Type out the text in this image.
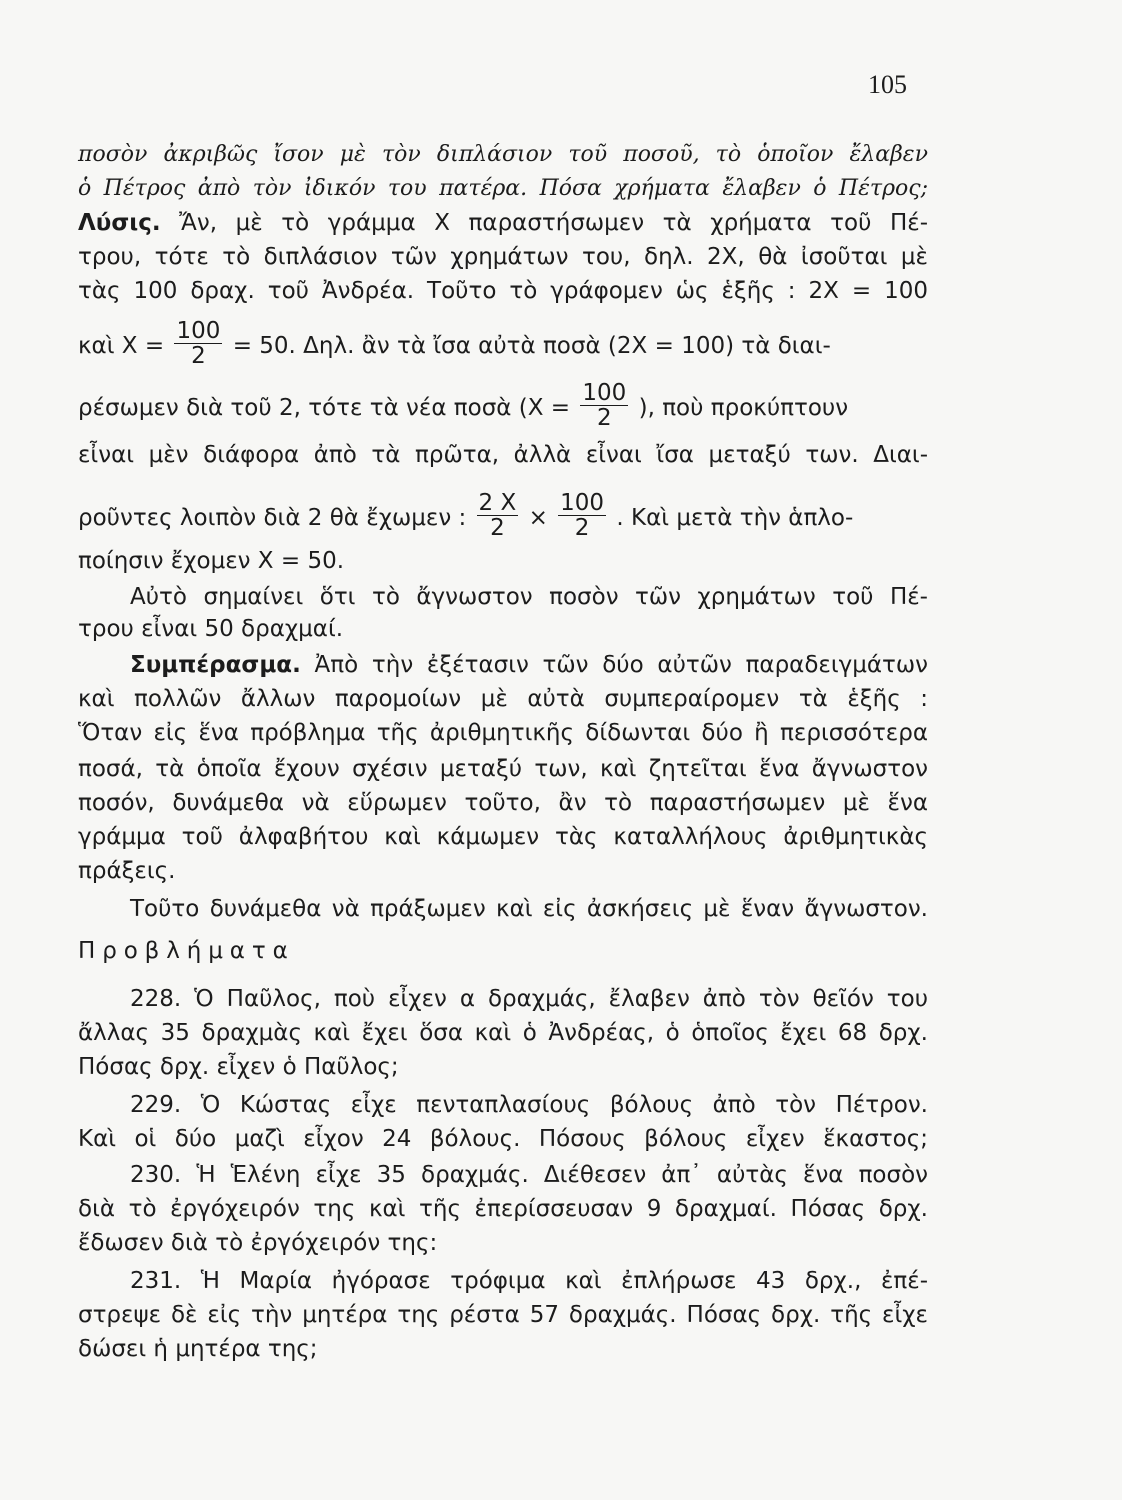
105
ποσὸν ἀκριβῶς ἴσον μὲ τὸν διπλάσιον τοῦ ποσοῦ, τὸ ὁποῖον ἔλαβεν
ὁ Πέτρος ἀπὸ τὸν ἰδικόν του πατέρα. Πόσα χρήματα ἔλαβεν ὁ Πέτρος;
Λύσις. Ἄν, μὲ τὸ γράμμα Χ παραστήσωμεν τὰ χρήματα τοῦ Πέ-
τρου, τότε τὸ διπλάσιον τῶν χρημάτων του, δηλ. 2Χ, θὰ ἰσοῦται μὲ
τὰς 100 δραχ. τοῦ Ἀνδρέα. Τοῦτο τὸ γράφομεν ὡς ἑξῆς : 2Χ = 100
καὶ $X = \frac{100}{2} = 50$. Δηλ. ἂν τὰ ἴσα αὐτὰ ποσὰ (2Χ = 100) τὰ διαι-
ρέσωμεν διὰ τοῦ 2, τότε τὰ νέα ποσὰ ($X = \frac{100}{2}$ ), ποὺ προκύπτουν
εἶναι μὲν διάφορα ἀπὸ τὰ πρῶτα, ἀλλὰ εἶναι ἴσα μεταξύ των. Διαι-
ροῦντες λοιπὸν διὰ 2 θὰ ἔχωμεν : $\frac{2 X}{2} \times \frac{100}{2}$ . Καὶ μετὰ τὴν ἁπλο-
ποίησιν ἔχομεν Χ = 50.
Αὐτὸ σημαίνει ὅτι τὸ ἄγνωστον ποσὸν τῶν χρημάτων τοῦ Πέ-
τρου εἶναι 50 δραχμαί.
Συμπέρασμα. Ἀπὸ τὴν ἐξέτασιν τῶν δύο αὐτῶν παραδειγμάτων
καὶ πολλῶν ἄλλων παρομοίων μὲ αὐτὰ συμπεραίρομεν τὰ ἑξῆς :
Ὅταν εἰς ἕνα πρόβλημα τῆς ἀριθμητικῆς δίδωνται δύο ἢ περισσότερα
ποσά, τὰ ὁποῖα ἔχουν σχέσιν μεταξύ των, καὶ ζητεῖται ἕνα ἄγνωστον
ποσόν, δυνάμεθα νὰ εὕρωμεν τοῦτο, ἂν τὸ παραστήσωμεν μὲ ἕνα
γράμμα τοῦ ἀλφαβήτου καὶ κάμωμεν τὰς καταλλήλους ἀριθμητικὰς
πράξεις.
Τοῦτο δυνάμεθα νὰ πράξωμεν καὶ εἰς ἀσκήσεις μὲ ἕναν ἄγνωστον.
Προβλήματα
228. Ὁ Παῦλος, ποὺ εἶχεν α δραχμάς, ἔλαβεν ἀπὸ τὸν θεῖόν του
ἄλλας 35 δραχμὰς καὶ ἔχει ὅσα καὶ ὁ Ἀνδρέας, ὁ ὁποῖος ἔχει 68 δρχ.
Πόσας δρχ. εἶχεν ὁ Παῦλος;
229. Ὁ Κώστας εἶχε πενταπλασίους βόλους ἀπὸ τὸν Πέτρον.
Καὶ οἱ δύο μαζὶ εἶχον 24 βόλους. Πόσους βόλους εἶχεν ἕκαστος;
230. Ἡ Ἑλένη εἶχε 35 δραχμάς. Διέθεσεν ἀπ᾽ αὐτὰς ἕνα ποσὸν
διὰ τὸ ἐργόχειρόν της καὶ τῆς ἐπερίσσευσαν 9 δραχμαί. Πόσας δρχ.
ἔδωσεν διὰ τὸ ἐργόχειρόν της:
231. Ἡ Μαρία ἠγόρασε τρόφιμα καὶ ἐπλήρωσε 43 δρχ., ἐπέ-
στρεψε δὲ εἰς τὴν μητέρα της ρέστα 57 δραχμάς. Πόσας δρχ. τῆς εἶχε
δώσει ἡ μητέρα της;
